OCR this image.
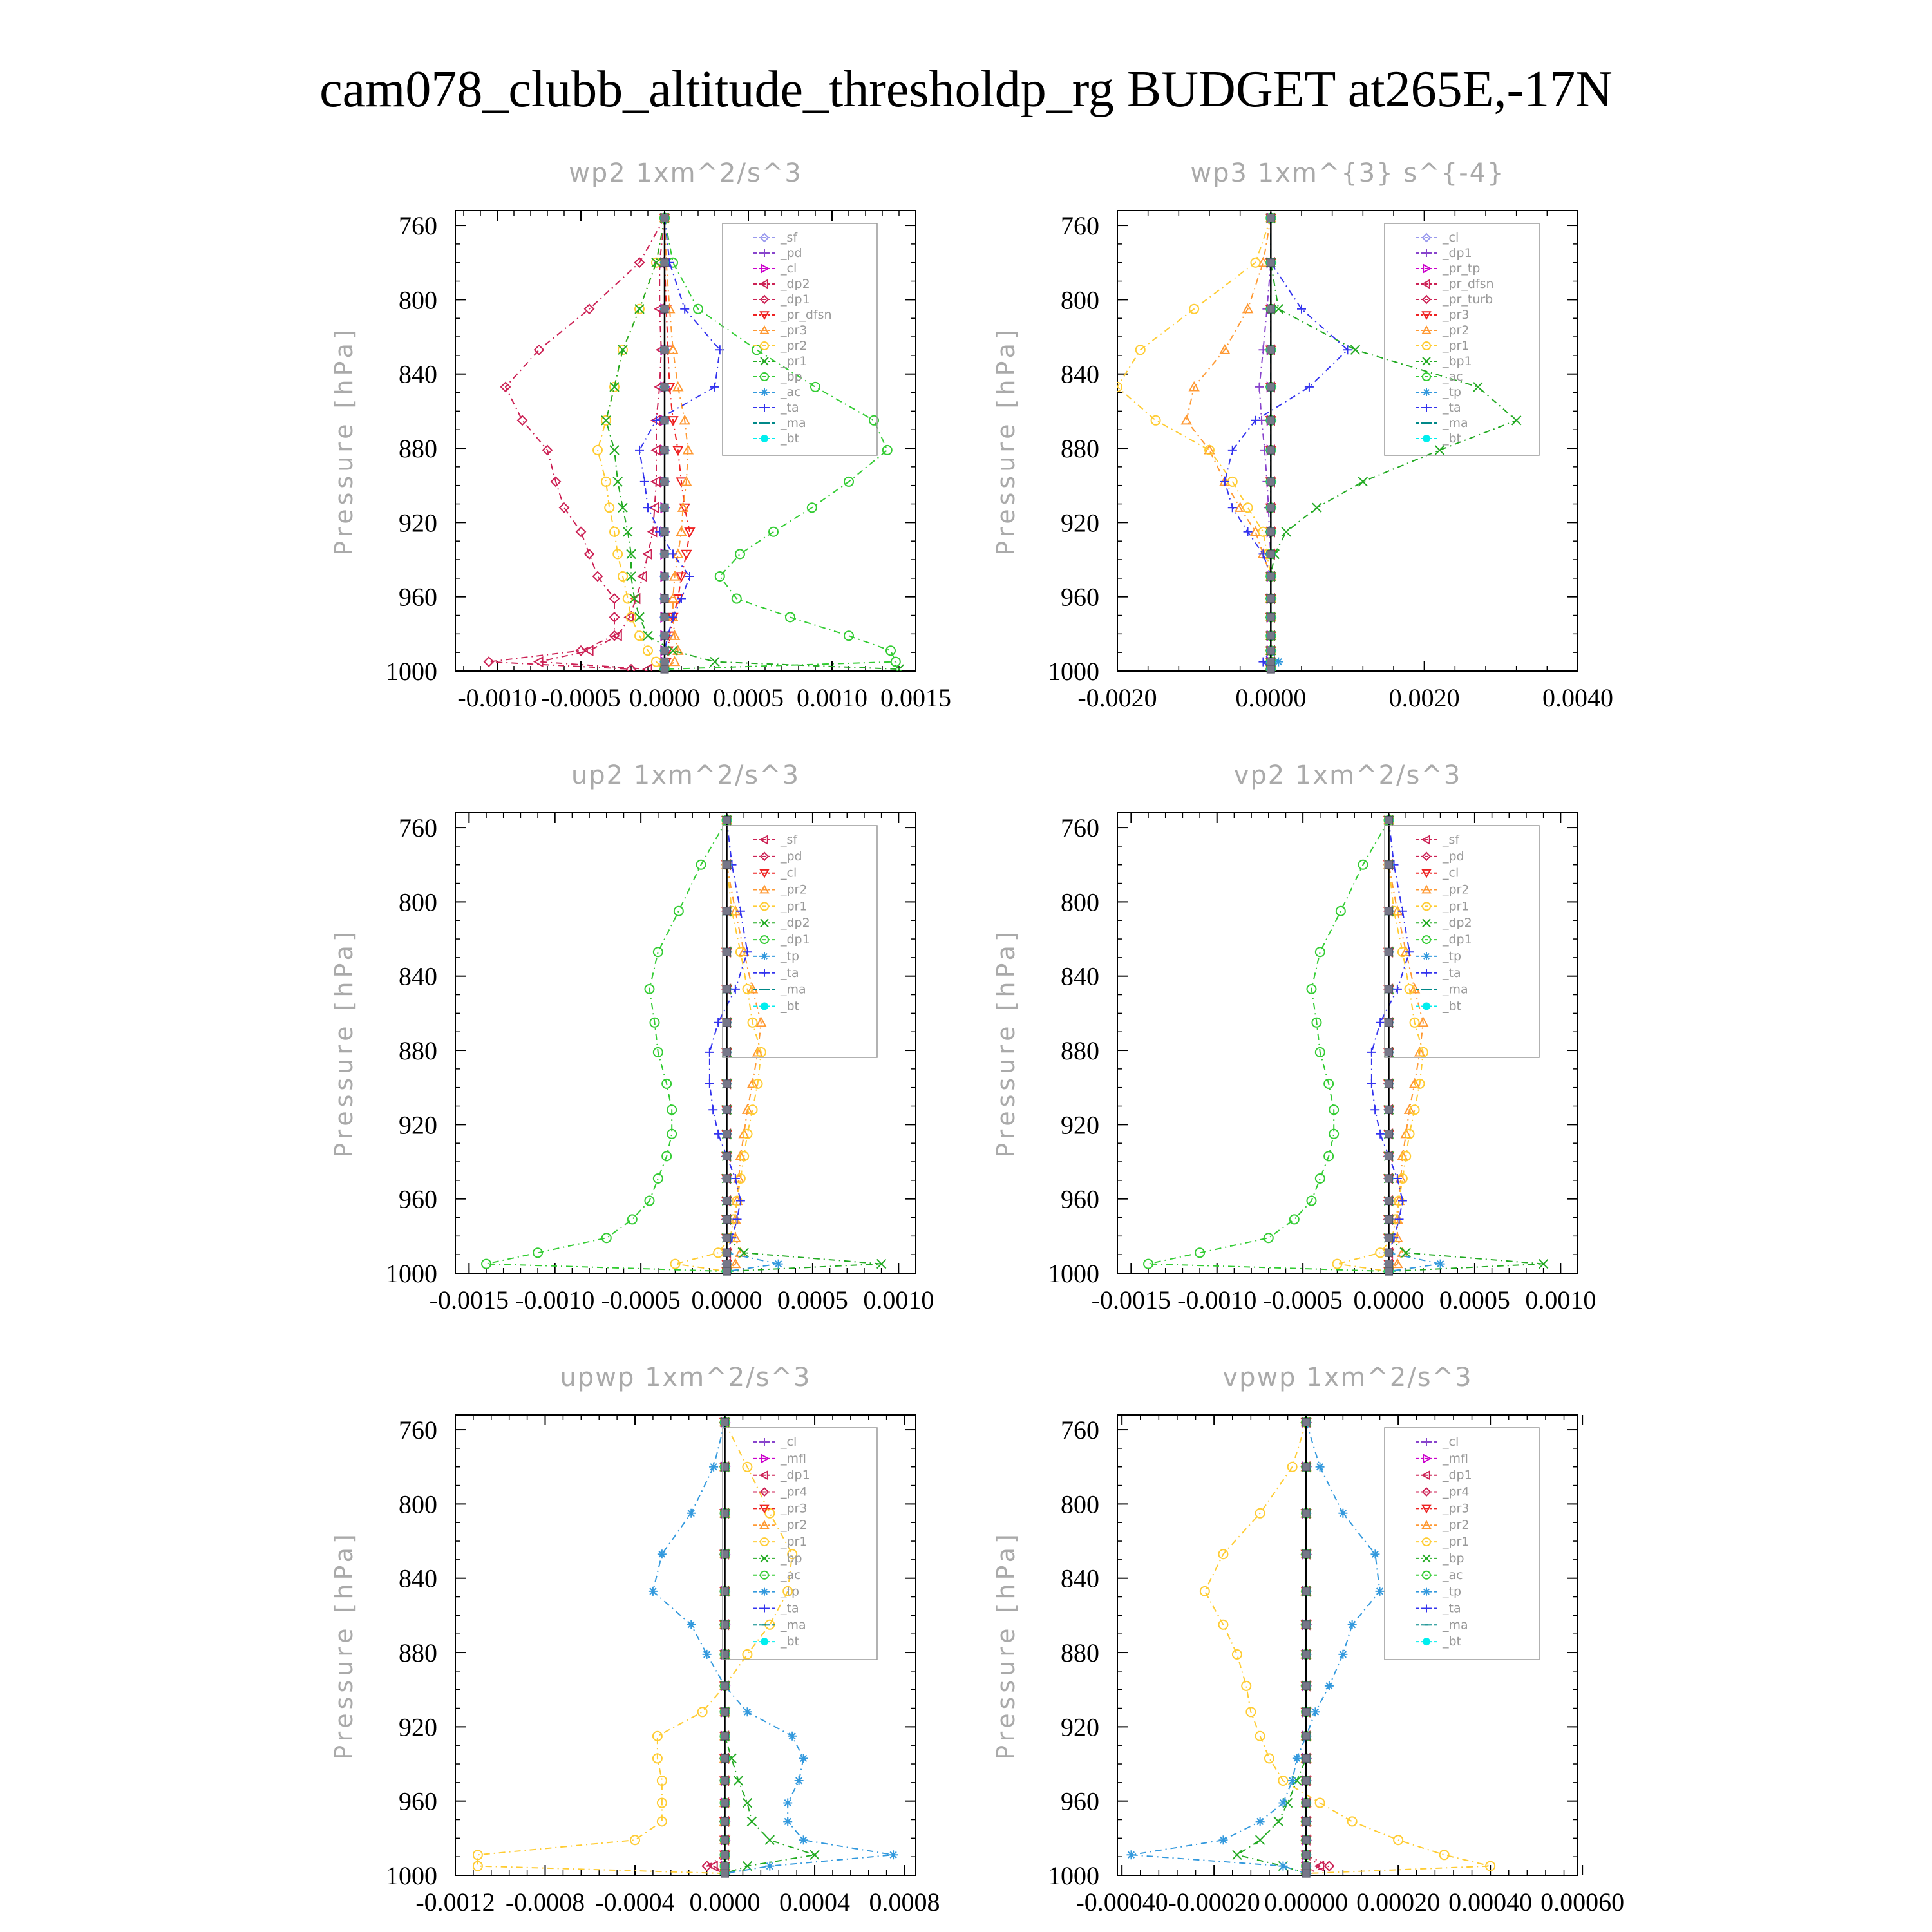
cam078_clubb_altitude_thresholdp_rg BUDGET at265E,-17N
wp2 1xm^2/s^3
-0.0010 -0.0005 0.0000 0.0005 0.0010 0.0015
760
800
840
880
920
960
1000
Pressure [hPa]
_sf
_pd
_cl
_dp2
_dp1
_pr_dfsn
_pr3
_pr2
_pr1
_bp
_ac
_ta
_ma
_bt
wp3 1xm^{3} s^{-4}
-0.0020	0.0000	0.0020	0.0040
760
800
840
880
920
960
1000
Pressure [hPa]
_cl
_dp1
_pr_tp
_pr_dfsn
_pr_turb
_pr3
_pr2
_pr1
_bp1
_ac
_tp
_ta
_ma
_bt
up2 1xm^2/s^3
-0.0015 -0.0010 -0.0005 0.0000 0.0005 0.0010
760
800
840
880
920
960
1000
Pressure [hPa]
_sf
_pd
_cl
_pr2
_pr1
_dp2
_dp1
_tp
_ta
_ma
_bt
vp2 1xm^2/s^3
-0.0015 -0.0010 -0.0005 0.0000 0.0005 0.0010
760
800
840
880
920
960
1000
Pressure [hPa]
_sf
_pd
_cl
_pr2
_pr1
_dp2
_dp1
_tp
_ta
_ma
_bt
upwp 1xm^2/s^3
-0.0012 -0.0008 -0.0004 0.0000 0.0004 0.0008
760
800
840
880
920
960
1000
Pressure [hPa]
_cl
_mfl
_dp1
_pr4
_pr3
_pr2
_pr1
_bp
_ac
_tp
_ta
_ma
_bt
vpwp 1xm^2/s^3
-0.00040 -0.00020 0.00000 0.00020 0.00040 0.00060
760
800
840
880
920
960
1000
Pressure [hPa]
_cl
_mfl
_dp1
_pr4
_pr3
_pr2
_pr1
_bp
_ac
_tp
_ta
_ma
_bt
